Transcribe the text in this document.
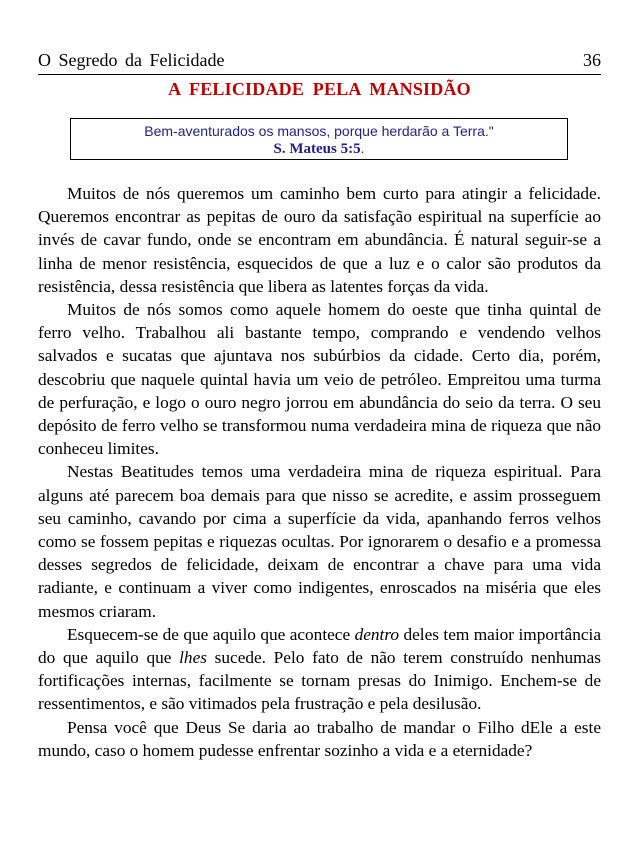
O Segredo da Felicidade	36
A FELICIDADE PELA MANSIDÃO
Bem-aventurados os mansos, porque herdarão a Terra."
S. Mateus 5:5.

Muitos de nós queremos um caminho bem curto para atingir a felicidade. Queremos encontrar as pepitas de ouro da satisfação espiritual na superfície ao invés de cavar fundo, onde se encontram em abundância. É natural seguir-se a linha de menor resistência, esquecidos de que a luz e o calor são produtos da resistência, dessa resistência que libera as latentes forças da vida.

Muitos de nós somos como aquele homem do oeste que tinha quintal de ferro velho. Trabalhou ali bastante tempo, comprando e vendendo velhos salvados e sucatas que ajuntava nos subúrbios da cidade. Certo dia, porém, descobriu que naquele quintal havia um veio de petróleo. Empreitou uma turma de perfuração, e logo o ouro negro jorrou em abundância do seio da terra. O seu depósito de ferro velho se transformou numa verdadeira mina de riqueza que não conheceu limites.

Nestas Beatitudes temos uma verdadeira mina de riqueza espiritual. Para alguns até parecem boa demais para que nisso se acredite, e assim prosseguem seu caminho, cavando por cima a superfície da vida, apanhando ferros velhos como se fossem pepitas e riquezas ocultas. Por ignorarem o desafio e a promessa desses segredos de felicidade, deixam de encontrar a chave para uma vida radiante, e continuam a viver como indigentes, enroscados na miséria que eles mesmos criaram.

Esquecem-se de que aquilo que acontece dentro deles tem maior importância do que aquilo que lhes sucede. Pelo fato de não terem construído nenhumas fortificações internas, facilmente se tornam presas do Inimigo. Enchem-se de ressentimentos, e são vitimados pela frustração e pela desilusão.

Pensa você que Deus Se daria ao trabalho de mandar o Filho dEle a este mundo, caso o homem pudesse enfrentar sozinho a vida e a eternidade?
